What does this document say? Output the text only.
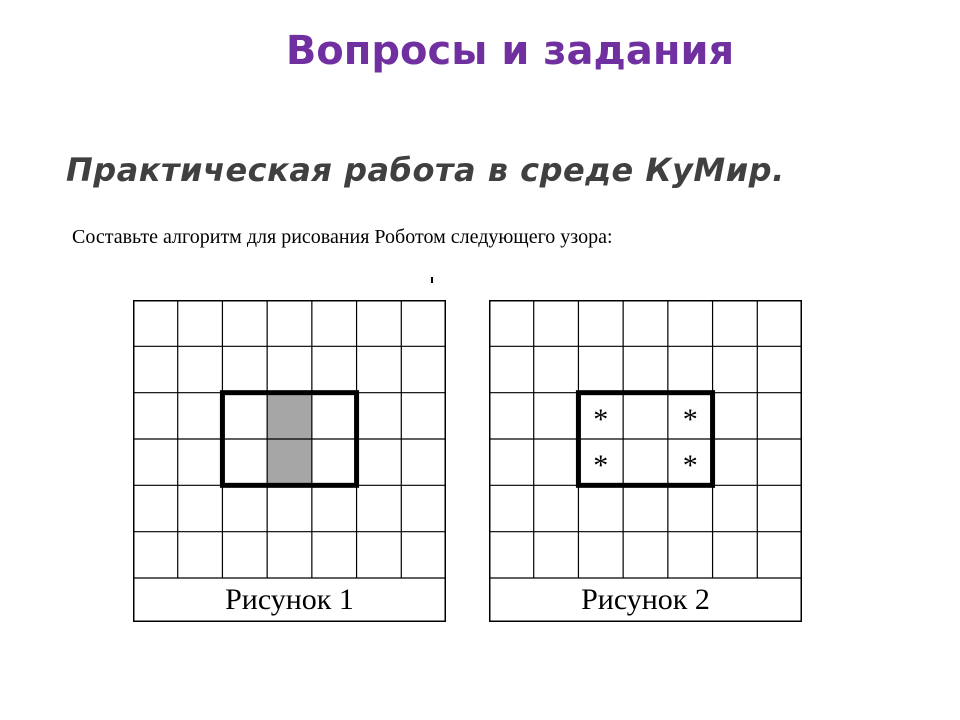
Вопросы и задания
Практическая работа в среде КуМир.
Составьте алгоритм для рисования Роботом следующего узора:
Рисунок 1
* *
* *
Рисунок 2
